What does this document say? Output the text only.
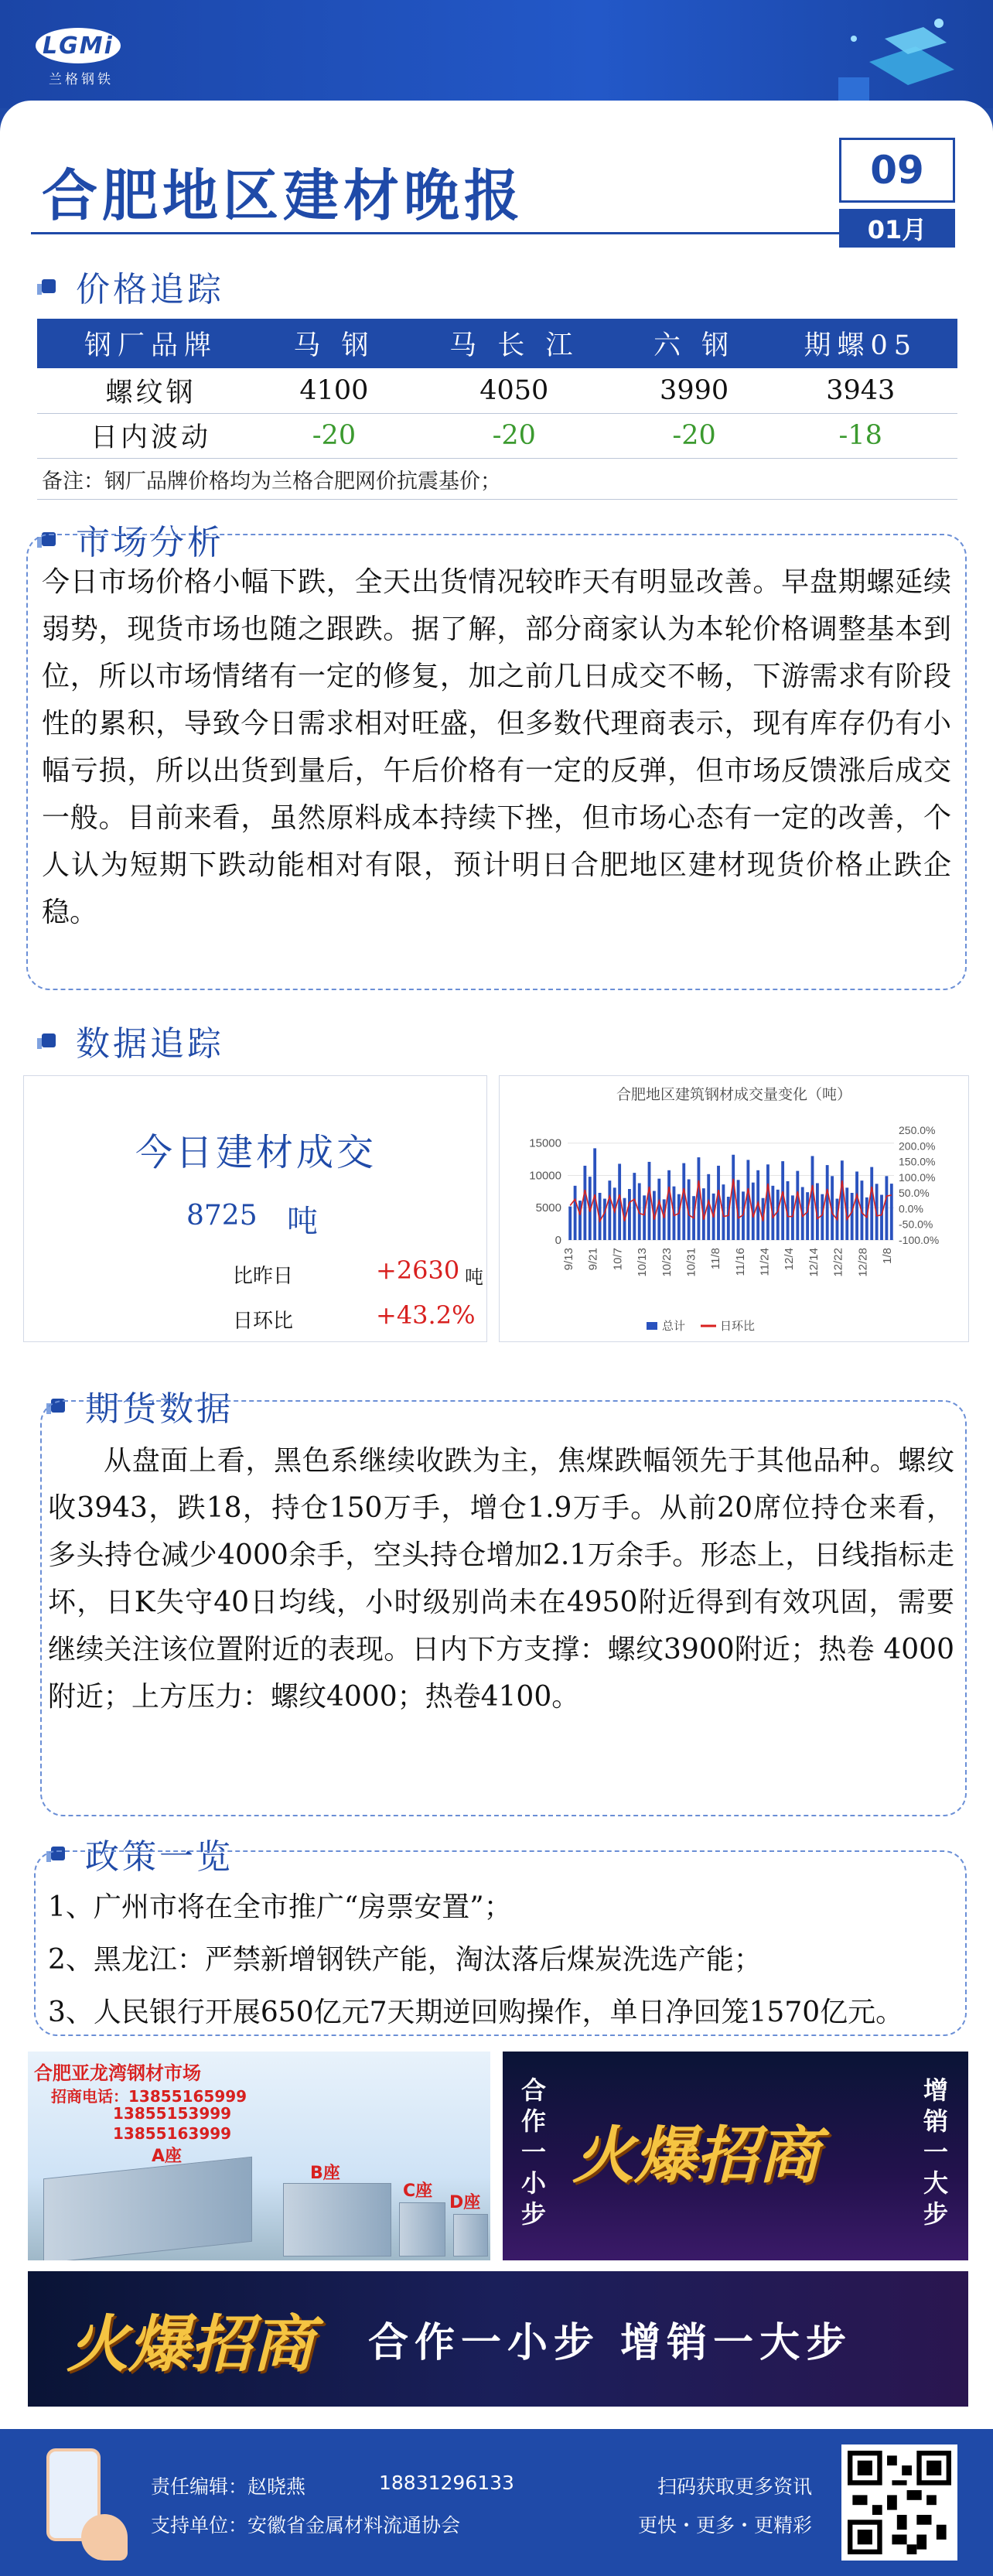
LGMi
兰格钢铁
合肥地区建材晚报	09
01月
价格追踪
钢厂品牌	马 钢	马 长 江	六 钢	期螺05
螺纹钢	4100	4050	3990	3943
日内波动	-20	-20	-20	-18
备注：钢厂品牌价格均为兰格合肥网价抗震基价；
市场分析
今日市场价格小幅下跌，全天出货情况较昨天有明显改善。早盘期螺延续弱势，现货市场也随之跟跌。据了解，部分商家认为本轮价格调整基本到位，所以市场情绪有一定的修复，加之前几日成交不畅，下游需求有阶段性的累积，导致今日需求相对旺盛，但多数代理商表示，现有库存仍有小幅亏损，所以出货到量后，午后价格有一定的反弹，但市场反馈涨后成交一般。目前来看，虽然原料成本持续下挫，但市场心态有一定的改善，个人认为短期下跌动能相对有限，预计明日合肥地区建材现货价格止跌企稳。
数据追踪
今日建材成交
8725 吨
比昨日	+2630 吨
日环比	+43.2%
合肥地区建筑钢材成交量变化（吨）
0
5000
10000
15000
-100.0%
-50.0%
0.0%
50.0%
100.0%
150.0%
200.0%
250.0%
9/13 9/21 10/7 10/13 10/23 10/31 11/8 11/16 11/24 12/4 12/14 12/22 12/28 1/8
总计	日环比
期货数据
从盘面上看，黑色系继续收跌为主，焦煤跌幅领先于其他品种。螺纹收3943，跌18，持仓150万手，增仓1.9万手。从前20席位持仓来看，多头持仓减少4000余手，空头持仓增加2.1万余手。形态上，日线指标走坏，日K失守40日均线，小时级别尚未在4950附近得到有效巩固，需要继续关注该位置附近的表现。日内下方支撑：螺纹3900附近；热卷 4000附近；上方压力：螺纹4000；热卷4100。
政策一览
1、广州市将在全市推广“房票安置”；
2、黑龙江：严禁新增钢铁产能，淘汰落后煤炭洗选产能；
3、人民银行开展650亿元7天期逆回购操作，单日净回笼1570亿元。
合肥亚龙湾钢材市场
招商电话：13855165999
13855153999
13855163999
A座
B座
C座
D座
合作一小步
火爆招商
增销一大步
火爆招商 合作一小步 增销一大步
责任编辑：赵晓燕	18831296133
支持单位：安徽省金属材料流通协会
扫码获取更多资讯
更快・更多・更精彩
